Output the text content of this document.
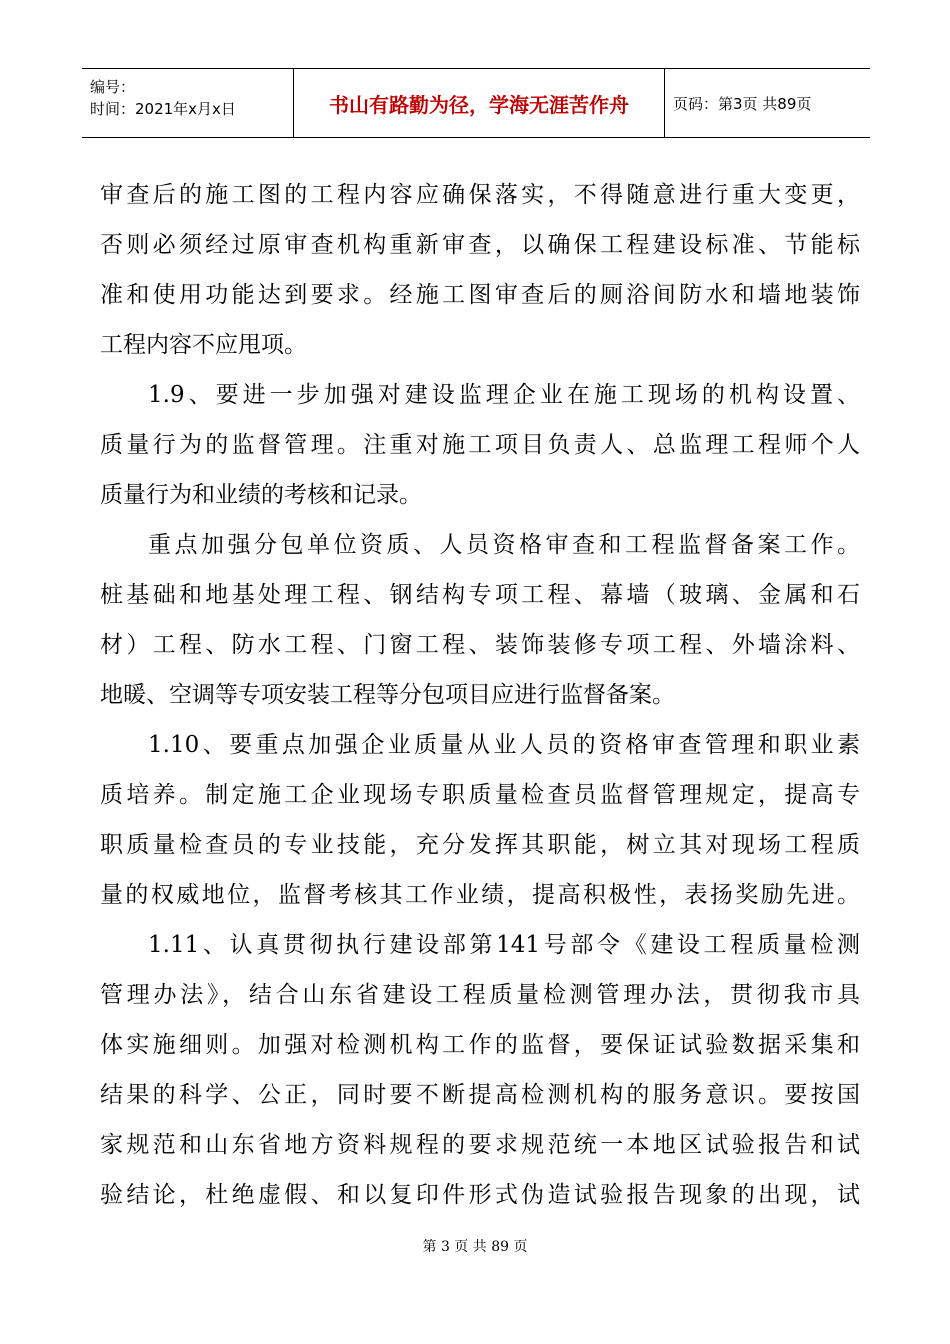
编号：
时间：2021年x月x日	书山有路勤为径，学海无涯苦作舟	页码：第3页 共89页
审查后的施工图的工程内容应确保落实，不得随意进行重大变更，
否则必须经过原审查机构重新审查，以确保工程建设标准、节能标
准和使用功能达到要求。经施工图审查后的厕浴间防水和墙地装饰
工程内容不应甩项。
1.9、要进一步加强对建设监理企业在施工现场的机构设置、
质量行为的监督管理。注重对施工项目负责人、总监理工程师个人
质量行为和业绩的考核和记录。
重点加强分包单位资质、人员资格审查和工程监督备案工作。
桩基础和地基处理工程、钢结构专项工程、幕墙（玻璃、金属和石
材）工程、防水工程、门窗工程、装饰装修专项工程、外墙涂料、
地暖、空调等专项安装工程等分包项目应进行监督备案。
1.10、要重点加强企业质量从业人员的资格审查管理和职业素
质培养。制定施工企业现场专职质量检查员监督管理规定，提高专
职质量检查员的专业技能，充分发挥其职能，树立其对现场工程质
量的权威地位，监督考核其工作业绩，提高积极性，表扬奖励先进。
1.11、认真贯彻执行建设部第141号部令《建设工程质量检测
管理办法》，结合山东省建设工程质量检测管理办法，贯彻我市具
体实施细则。加强对检测机构工作的监督，要保证试验数据采集和
结果的科学、公正，同时要不断提高检测机构的服务意识。要按国
家规范和山东省地方资料规程的要求规范统一本地区试验报告和试
验结论，杜绝虚假、和以复印件形式伪造试验报告现象的出现，试
第 3 页 共 89 页
